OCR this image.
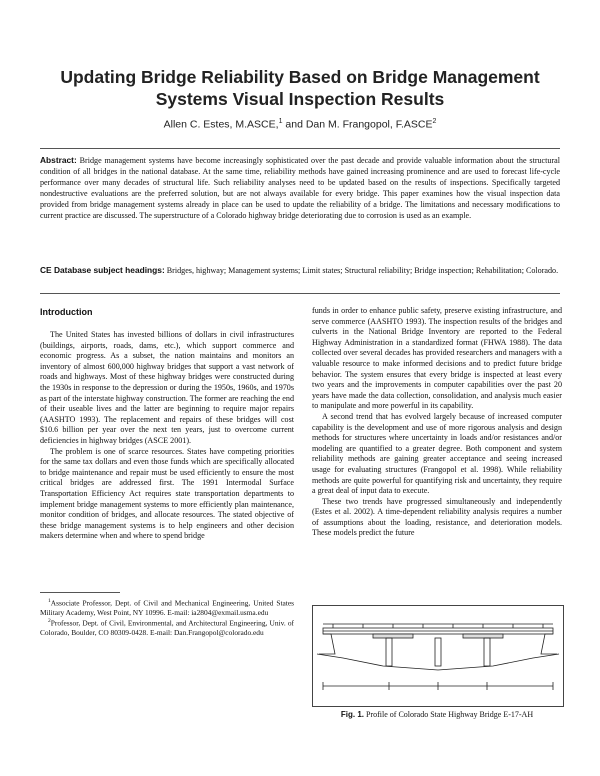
Updating Bridge Reliability Based on Bridge Management
Systems Visual Inspection Results
Allen C. Estes, M.ASCE,$^1$ and Dan M. Frangopol, F.ASCE$^2$
Abstract: Bridge management systems have become increasingly sophisticated over the past decade and provide valuable information about the structural condition of all bridges in the national database. At the same time, reliability methods have gained increasing prominence and are used to forecast life-cycle performance over many decades of structural life. Such reliability analyses need to be updated based on the results of inspections. Specifically targeted nondestructive evaluations are the preferred solution, but are not always available for every bridge. This paper examines how the visual inspection data provided from bridge management systems already in place can be used to update the reliability of a bridge. The limitations and necessary modifications to current practice are discussed. The superstructure of a Colorado highway bridge deteriorating due to corrosion is used as an example.
CE Database subject headings: Bridges, highway; Management systems; Limit states; Structural reliability; Bridge inspection; Rehabilitation; Colorado.
Introduction

The United States has invested billions of dollars in civil infrastructures (buildings, airports, roads, dams, etc.), which support commerce and economic progress. As a subset, the nation maintains and monitors an inventory of almost 600,000 highway bridges that support a vast network of roads and highways. Most of these highway bridges were constructed during the 1930s in response to the depression or during the 1950s, 1960s, and 1970s as part of the interstate highway construction. The former are reaching the end of their useable lives and the latter are beginning to require major repairs (AASHTO 1993). The replacement and repairs of these bridges will cost $10.6 billion per year over the next ten years, just to overcome current deficiencies in highway bridges (ASCE 2001).

The problem is one of scarce resources. States have competing priorities for the same tax dollars and even those funds which are specifically allocated to bridge maintenance and repair must be used efficiently to ensure the most critical bridges are addressed first. The 1991 Intermodal Surface Transportation Efficiency Act requires state transportation departments to implement bridge management systems to more efficiently plan maintenance, monitor condition of bridges, and allocate resources. The stated objective of these bridge management systems is to help engineers and other decision makers determine when and where to spend bridge

funds in order to enhance public safety, preserve existing infrastructure, and serve commerce (AASHTO 1993). The inspection results of the bridges and culverts in the National Bridge Inventory are reported to the Federal Highway Administration in a standardized format (FHWA 1988). The data collected over several decades has provided researchers and managers with a valuable resource to make informed decisions and to predict future bridge behavior. The system ensures that every bridge is inspected at least every two years and the improvements in computer capabilities over the past 20 years have made the data collection, consolidation, and analysis much easier to manipulate and more powerful in its capability.

A second trend that has evolved largely because of increased computer capability is the development and use of more rigorous analysis and design methods for structures where uncertainty in loads and/or resistances and/or modeling are quantified to a greater degree. Both component and system reliability methods are gaining greater acceptance and seeing increased usage for evaluating structures (Frangopol et al. 1998). While reliability methods are quite powerful for quantifying risk and uncertainty, they require a great deal of input data to execute.

These two trends have progressed simultaneously and independently (Estes et al. 2002). A time-dependent reliability analysis requires a number of assumptions about the loading, resistance, and deterioration models. These models predict the future

$^1$Associate Professor, Dept. of Civil and Mechanical Engineering, United States Military Academy, West Point, NY 10996. E-mail: ia2804@exmail.usma.edu

$^2$Professor, Dept. of Civil, Environmental, and Architectural Engineering, Univ. of Colorado, Boulder, CO 80309-0428. E-mail: Dan.Frangopol@colorado.edu

Fig. 1. Profile of Colorado State Highway Bridge E-17-AH
